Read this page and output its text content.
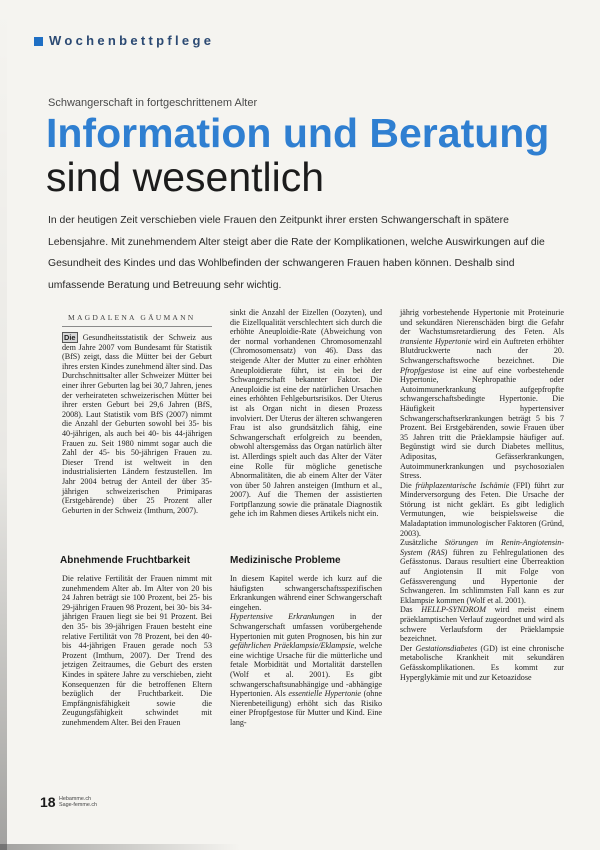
Wochenbettpflege
Schwangerschaft in fortgeschrittenem Alter
Information und Beratung
sind wesentlich
In der heutigen Zeit verschieben viele Frauen den Zeitpunkt ihrer ersten Schwangerschaft in spätere Lebensjahre. Mit zunehmendem Alter steigt aber die Rate der Komplikationen, welche Auswirkungen auf die Gesundheit des Kindes und das Wohlbefinden der schwangeren Frauen haben können. Deshalb sind umfassende Beratung und Betreuung sehr wichtig.
MAGDALENA GÄUMANN

Die Gesundheitsstatistik der Schweiz aus dem Jahre 2007 vom Bundesamt für Statistik (BfS) zeigt, dass die Mütter bei der Geburt ihres ersten Kindes zunehmend älter sind. Das Durchschnittsalter aller Schweizer Mütter bei einer ihrer Geburten lag bei 30,7 Jahren, jenes der verheirateten schweizerischen Mütter bei ihrer ersten Geburt bei 29,6 Jahren (BfS, 2008). Laut Statistik vom BfS (2007) nimmt die Anzahl der Geburten sowohl bei 35- bis 40-jährigen, als auch bei 40- bis 44-jährigen Frauen zu. Seit 1980 nimmt sogar auch die Zahl der 45- bis 50-jährigen Frauen zu. Dieser Trend ist weltweit in den industrialisierten Ländern festzustellen. Im Jahr 2004 betrug der Anteil der über 35-jährigen schweizerischen Primiparas (Erstgebärende) über 25 Prozent aller Geburten in der Schweiz (Imthurn, 2007).

Abnehmende Fruchtbarkeit

Die relative Fertilität der Frauen nimmt mit zunehmendem Alter ab. Im Alter von 20 bis 24 Jahren beträgt sie 100 Prozent, bei 25- bis 29-jährigen Frauen 98 Prozent, bei 30- bis 34-jährigen Frauen liegt sie bei 91 Prozent. Bei den 35- bis 39-jährigen Frauen besteht eine relative Fertilität von 78 Prozent, bei den 40- bis 44-jährigen Frauen gerade noch 53 Prozent (Imthurn, 2007). Der Trend des jetzigen Zeitraumes, die Geburt des ersten Kindes in spätere Jahre zu verschieben, zieht Konsequenzen für die betroffenen Eltern bezüglich der Fruchtbarkeit. Die Empfängnisfähigkeit sowie die Zeugungsfähigkeit schwindet mit zunehmendem Alter. Bei den Frauen

sinkt die Anzahl der Eizellen (Oozyten), und die Eizellqualität verschlechtert sich durch die erhöhte Aneuploidie-Rate (Abweichung von der normal vorhandenen Chromosomenzahl (Chromosomensatz) von 46). Dass das steigende Alter der Mutter zu einer erhöhten Aneuploidierate führt, ist ein bei der Schwangerschaft bekannter Faktor. Die Aneuploidie ist eine der natürlichen Ursachen eines erhöhten Fehlgeburtsrisikos. Der Uterus ist als Organ nicht in diesen Prozess involviert. Der Uterus der älteren schwangeren Frau ist also grundsätzlich fähig, eine Schwangerschaft erfolgreich zu beenden, obwohl altersgemäss das Organ natürlich älter ist. Allerdings spielt auch das Alter der Väter eine Rolle für mögliche genetische Abnormalitäten, die ab einem Alter der Väter von über 50 Jahren ansteigen (Imthurn et al., 2007). Auf die Themen der assistierten Fortpflanzung sowie die pränatale Diagnostik gehe ich im Rahmen dieses Artikels nicht ein.

Medizinische Probleme

In diesem Kapitel werde ich kurz auf die häufigsten schwangerschaftsspezifischen Erkrankungen während einer Schwangerschaft eingehen.

Hypertensive Erkrankungen in der Schwangerschaft umfassen vorübergehende Hypertonien mit guten Prognosen, bis hin zur gefährlichen Präeklampsie/Eklampsie, welche eine wichtige Ursache für die mütterliche und fetale Morbidität und Mortalität darstellen (Wolf et al. 2001). Es gibt schwangerschaftsunabhängige und -abhängige Hypertonien. Als essentielle Hypertonie (ohne Nierenbeteiligung) erhöht sich das Risiko einer Pfropfgestose für Mutter und Kind. Eine lang-

jährig vorbestehende Hypertonie mit Proteinurie und sekundären Nierenschäden birgt die Gefahr der Wachstumsretardierung des Feten. Als transiente Hypertonie wird ein Auftreten erhöhter Blutdruckwerte nach der 20. Schwangerschaftswoche bezeichnet. Die Pfropfgestose ist eine auf eine vorbestehende Hypertonie, Nephropathie oder Autoimmunerkrankung aufgepfropfte schwangerschaftsbedingte Hypertonie. Die Häufigkeit hypertensiver Schwangerschaftserkrankungen beträgt 5 bis 7 Prozent. Bei Erstgebärenden, sowie Frauen über 35 Jahren tritt die Präeklampsie häufiger auf. Begünstigt wird sie durch Diabetes mellitus, Adipositas, Gefässerkrankungen, Autoimmunerkrankungen und psychosozialen Stress.

Die frühplazentarische Ischämie (FPI) führt zur Minderversorgung des Feten. Die Ursache der Störung ist nicht geklärt. Es gibt lediglich Vermutungen, wie beispielsweise die Maladaptation immunologischer Faktoren (Gründ, 2003).

Zusätzliche Störungen im Renin-Angiotensin-System (RAS) führen zu Fehlregulationen des Gefässtonus. Daraus resultiert eine Überreaktion auf Angiotensin II mit Folge von Gefässverengung und Hypertonie der Schwangeren. Im schlimmsten Fall kann es zur Eklampsie kommen (Wolf et al. 2001).

Das HELLP-SYNDROM wird meist einem präeklamptischen Verlauf zugeordnet und wird als schwere Verlaufsform der Präeklampsie bezeichnet.

Der Gestationsdiabetes (GD) ist eine chronische metabolische Krankheit mit sekundären Gefässkomplikationen. Es kommt zur Hyperglykämie mit und zur Ketoazidose

18 Hebamme.ch
Sage-femme.ch
